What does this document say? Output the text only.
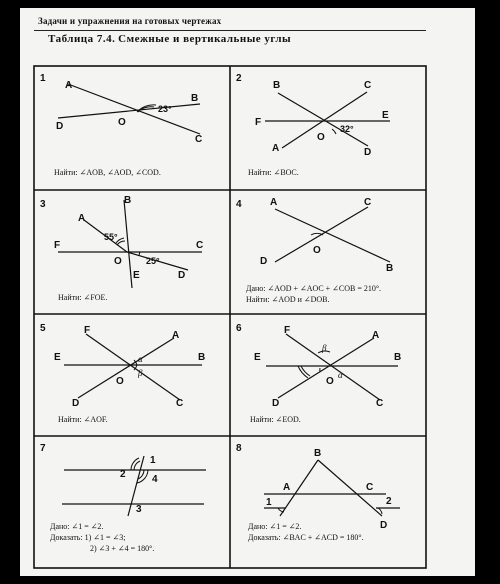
Задачи и упражнения на готовых чертежах
Таблица 7.4. Смежные и вертикальные углы
1
23°
A
B
C
D	O
Найти: ∠AOB, ∠AOD, ∠COD.
2
32°
B	C
F
E
A	D
O
Найти: ∠BOC.
3
55°
25°
B
A
F	C
O
E	D
Найти: ∠FOE.
4	A	C
D
B
O
Дано: ∠AOD + ∠AOC + ∠COB = 210°.
Найти: ∠AOD и ∠DOB.
5
α
β
F	A
E	B
D	C
O
Найти: ∠AOF.
6
β
α
F	A
E	B
D	C
O
Найти: ∠EOD.
7
1
2
3
4
Дано: ∠1 = ∠2.
Доказать: 1) ∠1 = ∠3;
2) ∠3 + ∠4 = 180°.
8	B
A	C
D
1	2
Дано: ∠1 = ∠2.
Доказать: ∠BAC + ∠ACD = 180°.
